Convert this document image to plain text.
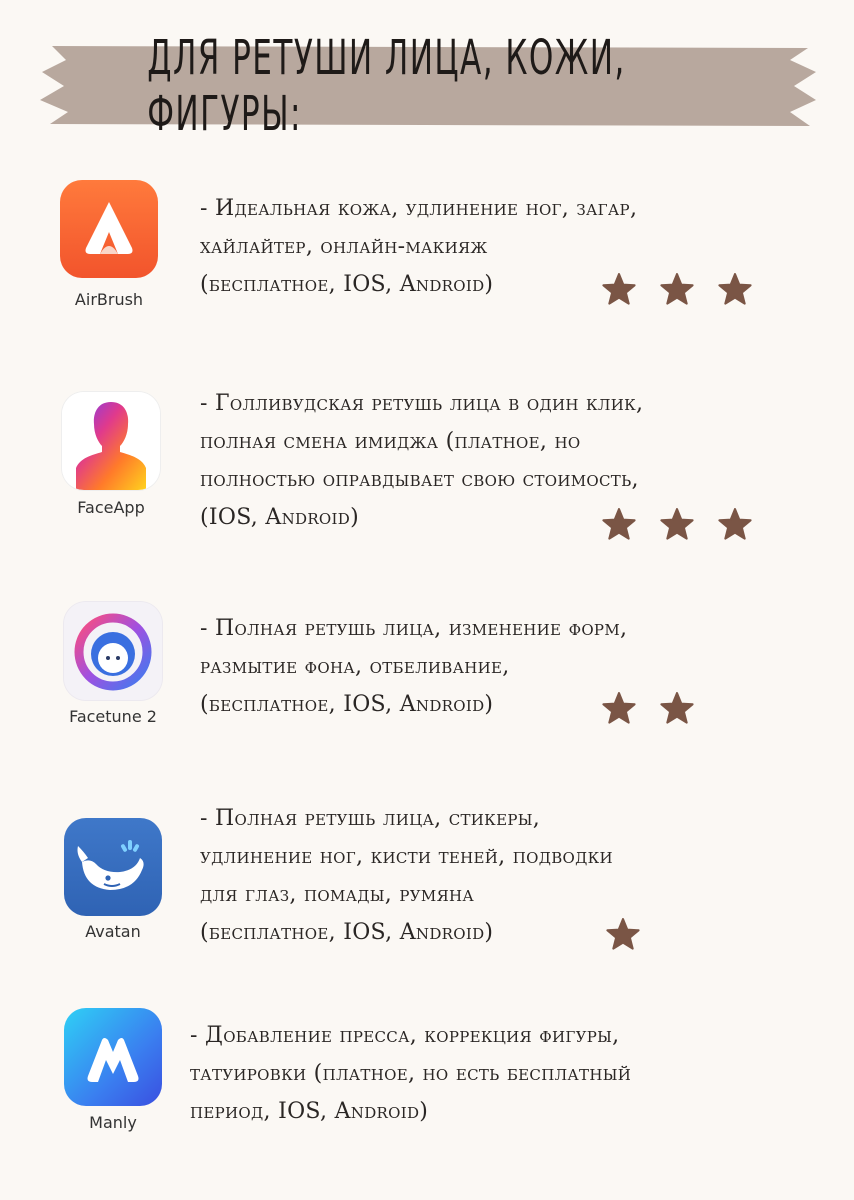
ДЛЯ РЕТУШИ ЛИЦА, КОЖИ, ФИГУРЫ:
AirBrush
- Идеальная кожа, удлинение ног, загар,
хайлайтер, онлайн-макияж
(бесплатное, IOS, Android)
FaceApp
- Голливудская ретушь лица в один клик,
полная смена имиджа (платное, но
полностью оправдывает свою стоимость,
(IOS, Android)
Facetune 2
- Полная ретушь лица, изменение форм,
размытие фона, отбеливание,
(бесплатное, IOS, Android)
Avatan
- Полная ретушь лица, стикеры,
удлинение ног, кисти теней, подводки
для глаз, помады, румяна
(бесплатное, IOS, Android)
Manly
- Добавление пресса, коррекция фигуры,
татуировки (платное, но есть бесплатный
период, IOS, Android)
